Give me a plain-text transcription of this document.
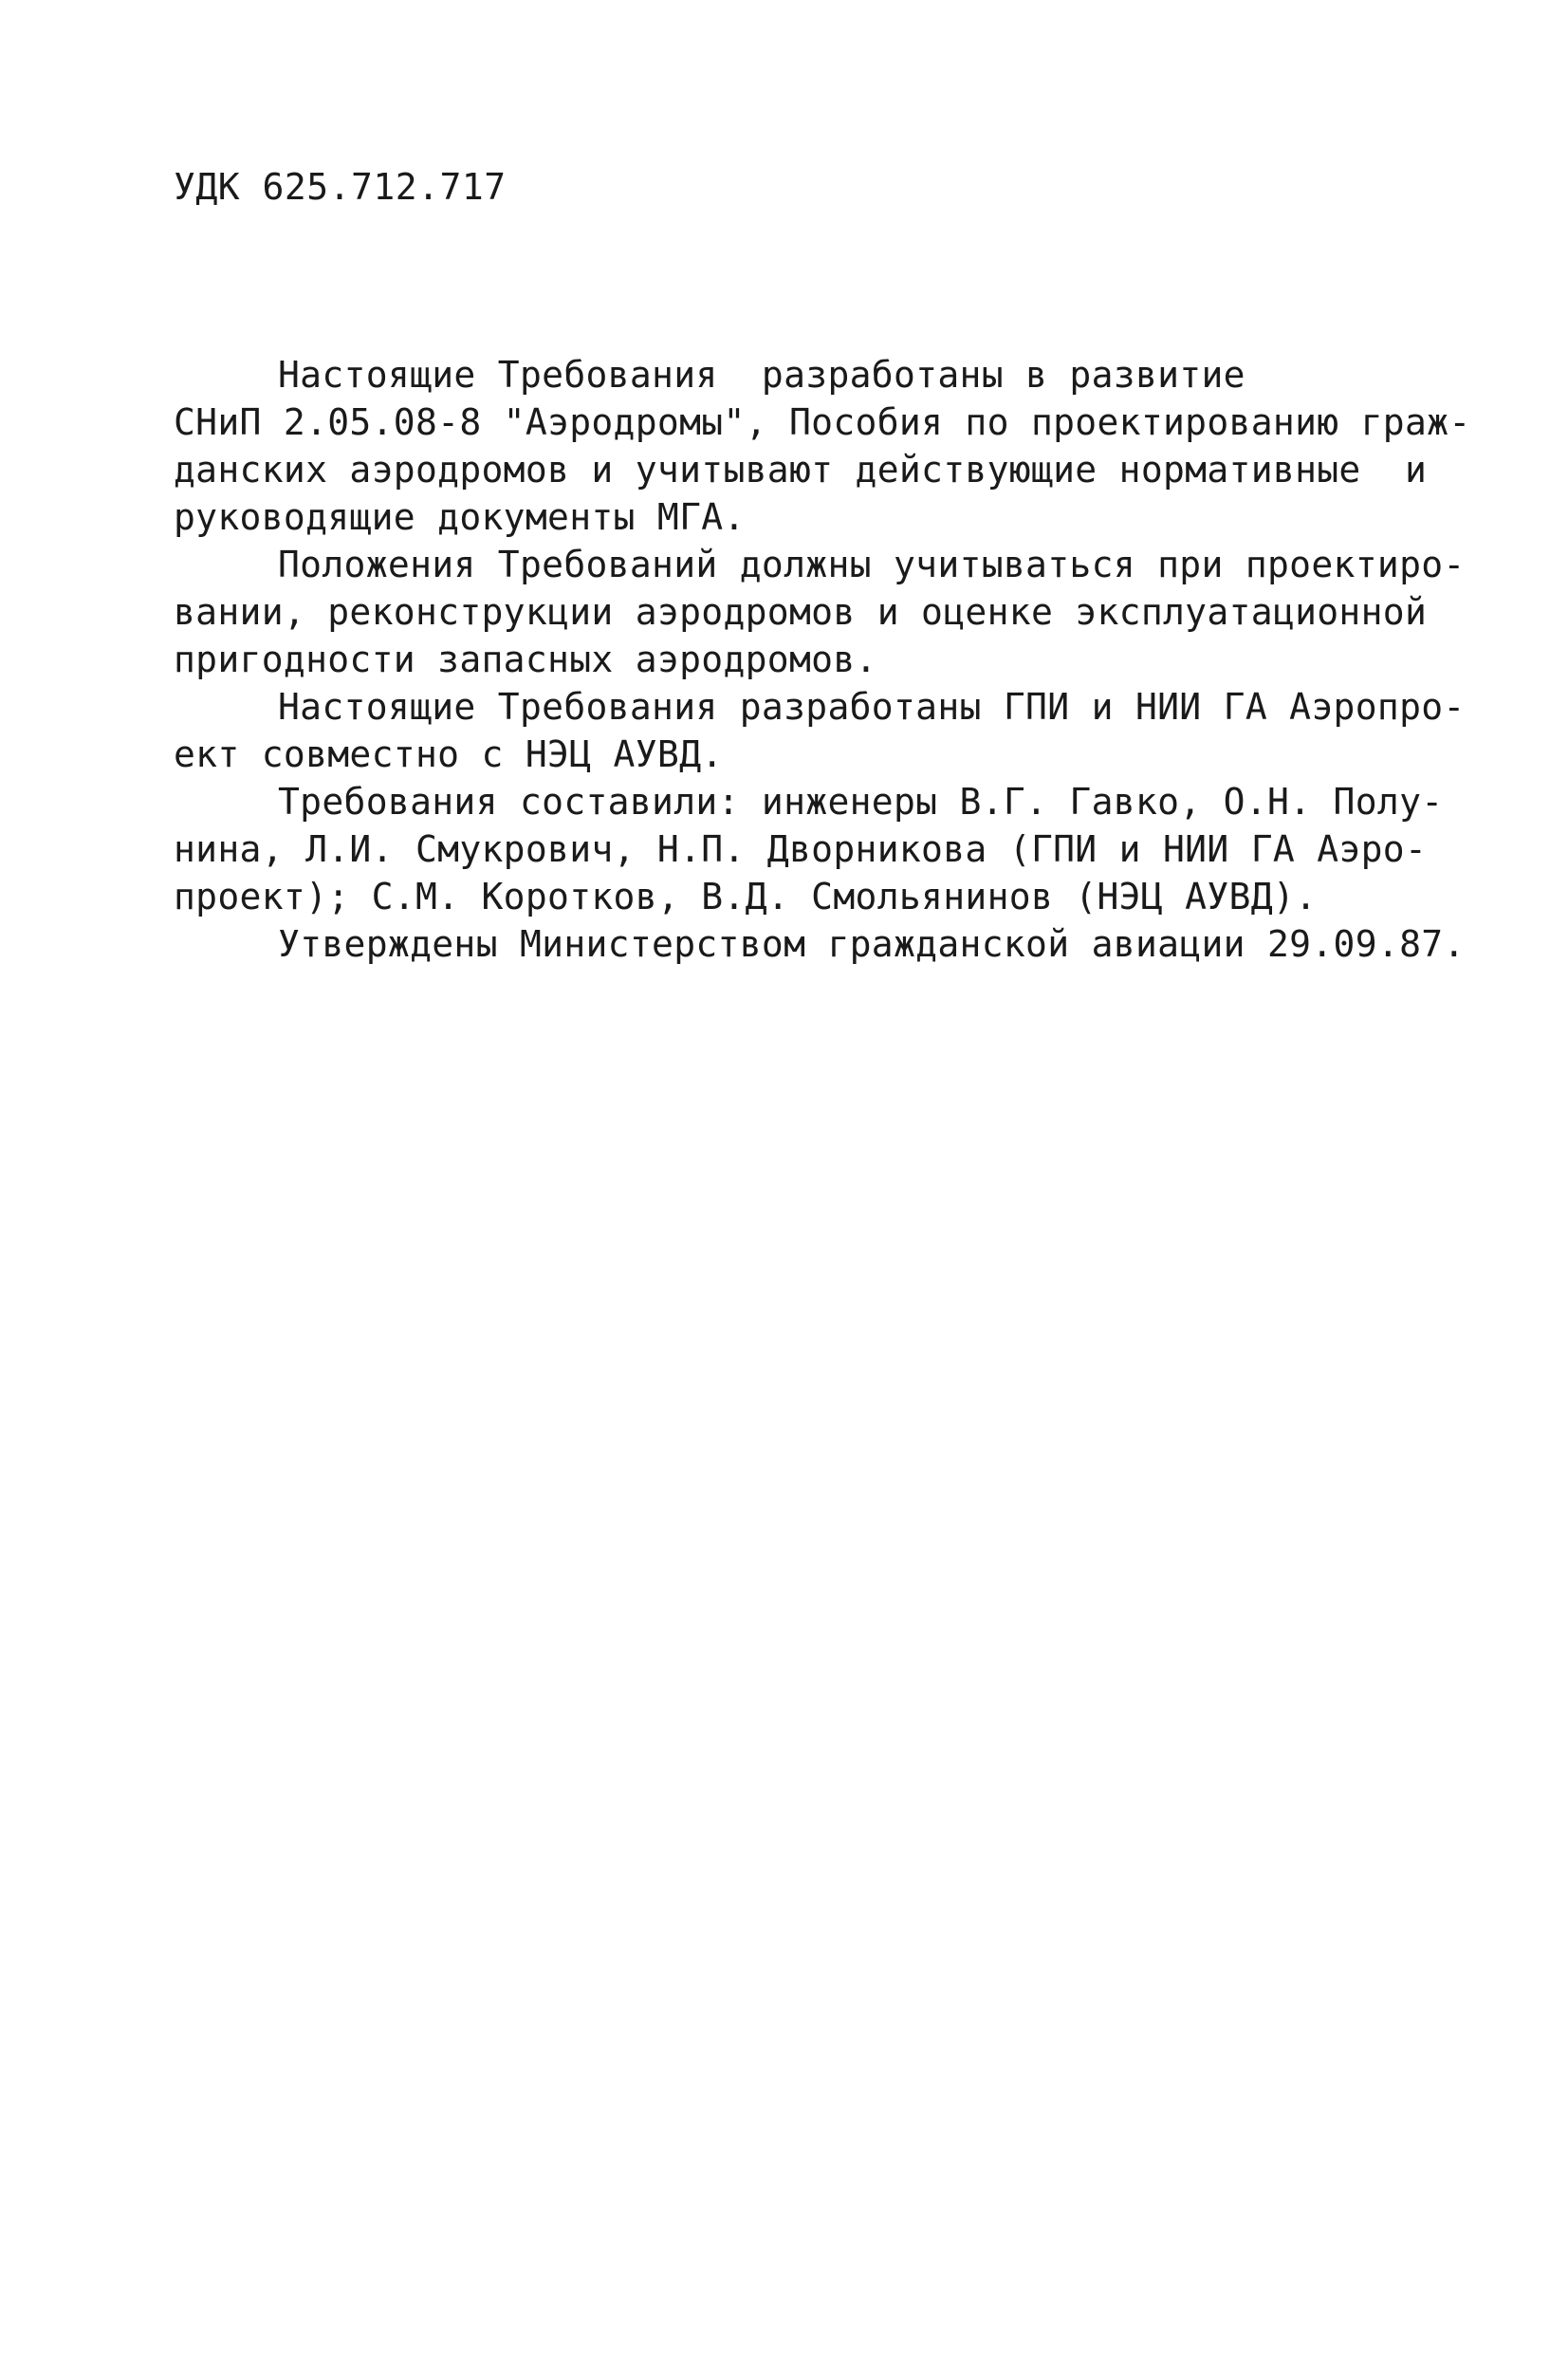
УДК 625.712.717
Настоящие Требования  разработаны в развитие
СНиП 2.05.08-8 "Аэродромы", Пособия по проектированию граж-
данских аэродромов и учитывают действующие нормативные  и
руководящие документы МГА.
Положения Требований должны учитываться при проектиро-
вании, реконструкции аэродромов и оценке эксплуатационной
пригодности запасных аэродромов.
Настоящие Требования разработаны ГПИ и НИИ ГА Аэропро-
ект совместно с НЭЦ АУВД.
Требования составили: инженеры В.Г. Гавко, О.Н. Полу-
нина, Л.И. Смукрович, Н.П. Дворникова (ГПИ и НИИ ГА Аэро-
проект); С.М. Коротков, В.Д. Смольянинов (НЭЦ АУВД).
Утверждены Министерством гражданской авиации 29.09.87.
